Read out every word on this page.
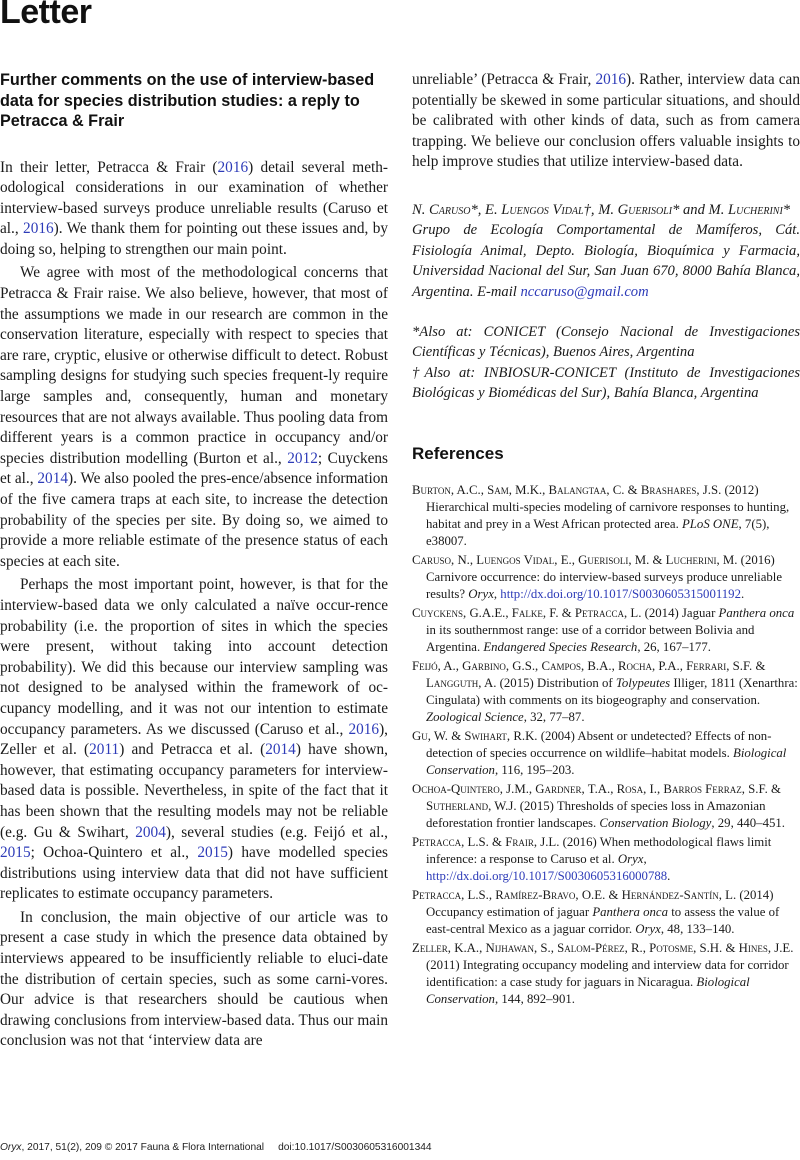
Letter
Further comments on the use of interview-based data for species distribution studies: a reply to Petracca & Frair

In their letter, Petracca & Frair (2016) detail several meth-odological considerations in our examination of whether interview-based surveys produce unreliable results (Caruso et al., 2016). We thank them for pointing out these issues and, by doing so, helping to strengthen our main point.

We agree with most of the methodological concerns that Petracca & Frair raise. We also believe, however, that most of the assumptions we made in our research are common in the conservation literature, especially with respect to species that are rare, cryptic, elusive or otherwise difficult to detect. Robust sampling designs for studying such species frequent-ly require large samples and, consequently, human and monetary resources that are not always available. Thus pooling data from different years is a common practice in occupancy and/or species distribution modelling (Burton et al., 2012; Cuyckens et al., 2014). We also pooled the pres-ence/absence information of the five camera traps at each site, to increase the detection probability of the species per site. By doing so, we aimed to provide a more reliable estimate of the presence status of each species at each site.

Perhaps the most important point, however, is that for the interview-based data we only calculated a naïve occur-rence probability (i.e. the proportion of sites in which the species were present, without taking into account detection probability). We did this because our interview sampling was not designed to be analysed within the framework of oc-cupancy modelling, and it was not our intention to estimate occupancy parameters. As we discussed (Caruso et al., 2016), Zeller et al. (2011) and Petracca et al. (2014) have shown, however, that estimating occupancy parameters for interview-based data is possible. Nevertheless, in spite of the fact that it has been shown that the resulting models may not be reliable (e.g. Gu & Swihart, 2004), several studies (e.g. Feijó et al., 2015; Ochoa-Quintero et al., 2015) have modelled species distributions using interview data that did not have sufficient replicates to estimate occupancy parameters.

In conclusion, the main objective of our article was to present a case study in which the presence data obtained by interviews appeared to be insufficiently reliable to eluci-date the distribution of certain species, such as some carni-vores. Our advice is that researchers should be cautious when drawing conclusions from interview-based data. Thus our main conclusion was not that ‘interview data are

unreliable’ (Petracca & Frair, 2016). Rather, interview data can potentially be skewed in some particular situations, and should be calibrated with other kinds of data, such as from camera trapping. We believe our conclusion offers valuable insights to help improve studies that utilize interview-based data.

N. Caruso*, E. Luengos Vidal†, M. Guerisoli* and M. Lucherini*
Grupo de Ecología Comportamental de Mamíferos, Cát. Fisiología Animal, Depto. Biología, Bioquímica y Farmacia, Universidad Nacional del Sur, San Juan 670, 8000 Bahía Blanca, Argentina. E-mail nccaruso@gmail.com

*Also at: CONICET (Consejo Nacional de Investigaciones Científicas y Técnicas), Buenos Aires, Argentina

†Also at: INBIOSUR-CONICET (Instituto de Investigaciones Biológicas y Biomédicas del Sur), Bahía Blanca, Argentina

References

Burton, A.C., Sam, M.K., Balangtaa, C. & Brashares, J.S. (2012) Hierarchical multi-species modeling of carnivore responses to hunting, habitat and prey in a West African protected area. PLoS ONE, 7(5), e38007.

Caruso, N., Luengos Vidal, E., Guerisoli, M. & Lucherini, M. (2016) Carnivore occurrence: do interview-based surveys produce unreliable results? Oryx, http://dx.doi.org/10.1017/S0030605315001192.

Cuyckens, G.A.E., Falke, F. & Petracca, L. (2014) Jaguar Panthera onca in its southernmost range: use of a corridor between Bolivia and Argentina. Endangered Species Research, 26, 167–177.

Feijó, A., Garbino, G.S., Campos, B.A., Rocha, P.A., Ferrari, S.F. & Langguth, A. (2015) Distribution of Tolypeutes Illiger, 1811 (Xenarthra: Cingulata) with comments on its biogeography and conservation. Zoological Science, 32, 77–87.

Gu, W. & Swihart, R.K. (2004) Absent or undetected? Effects of non-detection of species occurrence on wildlife–habitat models. Biological Conservation, 116, 195–203.

Ochoa-Quintero, J.M., Gardner, T.A., Rosa, I., Barros Ferraz, S.F. & Sutherland, W.J. (2015) Thresholds of species loss in Amazonian deforestation frontier landscapes. Conservation Biology, 29, 440–451.

Petracca, L.S. & Frair, J.L. (2016) When methodological flaws limit inference: a response to Caruso et al. Oryx, http://dx.doi.org/10.1017/S0030605316000788.

Petracca, L.S., Ramírez-Bravo, O.E. & Hernández-Santín, L. (2014) Occupancy estimation of jaguar Panthera onca to assess the value of east-central Mexico as a jaguar corridor. Oryx, 48, 133–140.

Zeller, K.A., Nijhawan, S., Salom-Pérez, R., Potosme, S.H. & Hines, J.E. (2011) Integrating occupancy modeling and interview data for corridor identification: a case study for jaguars in Nicaragua. Biological Conservation, 144, 892–901.

Oryx, 2017, 51(2), 209 © 2017 Fauna & Flora International doi:10.1017/S0030605316001344
